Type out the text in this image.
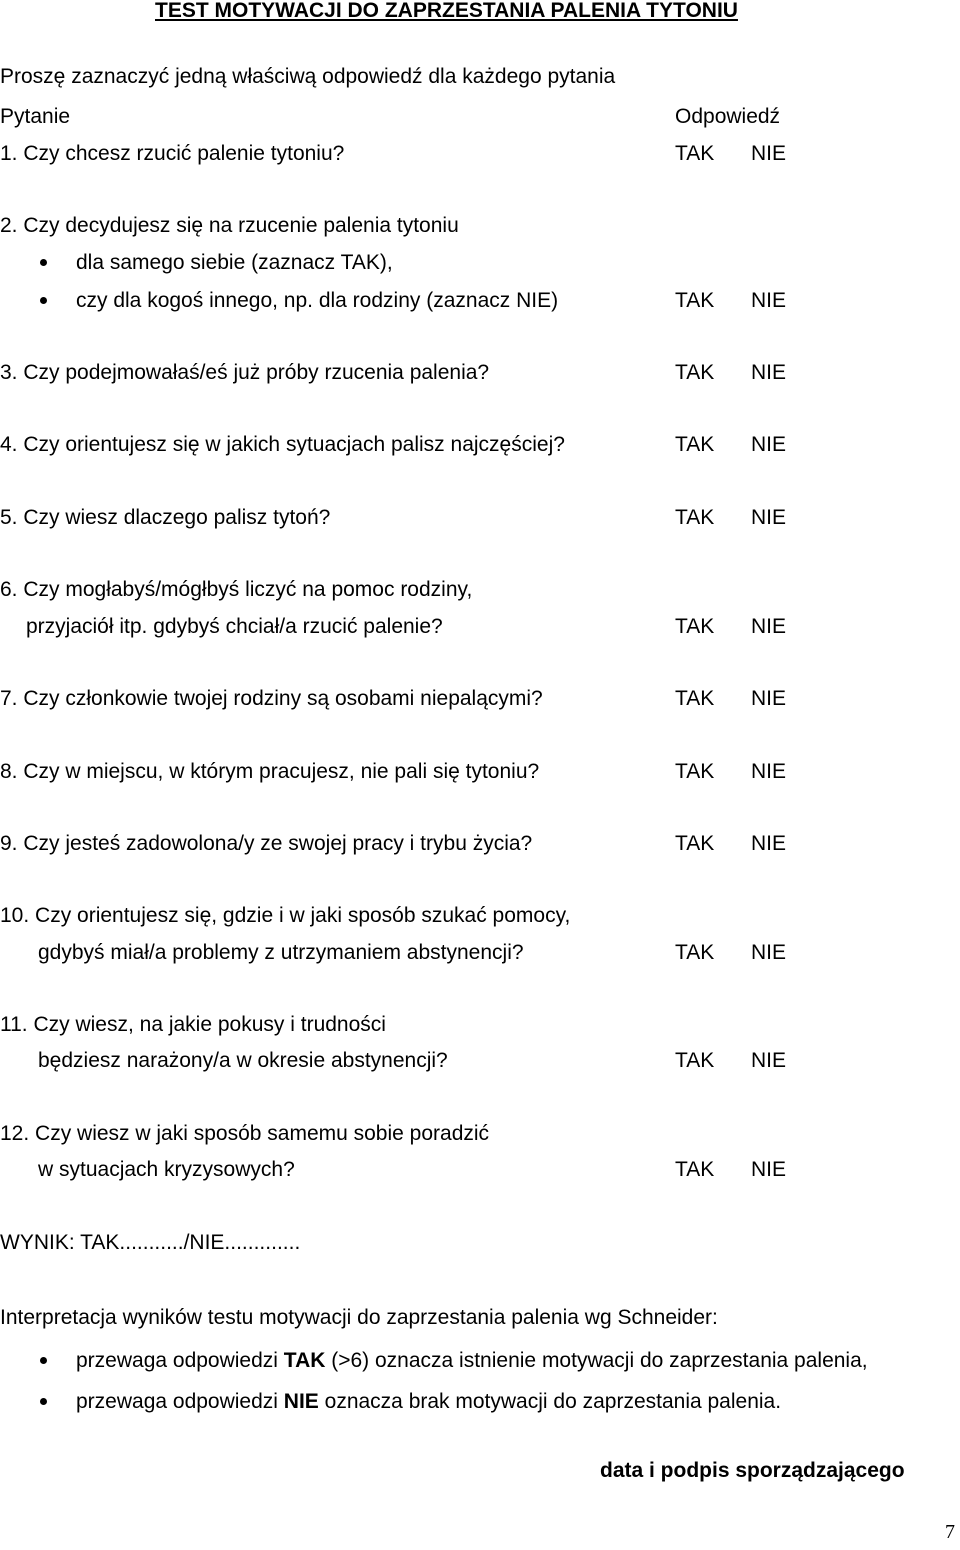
TEST MOTYWACJI DO ZAPRZESTANIA PALENIA TYTONIU
Proszę zaznaczyć jedną właściwą odpowiedź dla każdego pytania
Pytanie	Odpowiedź
1. Czy chcesz rzucić palenie tytoniu?	TAK NIE
2. Czy decydujesz się na rzucenie palenia tytoniu
dla samego siebie (zaznacz TAK),
czy dla kogoś innego, np. dla rodziny (zaznacz NIE)	TAK NIE
3. Czy podejmowałaś/eś już próby rzucenia palenia?	TAK NIE
4. Czy orientujesz się w jakich sytuacjach palisz najczęściej?	TAK NIE
5. Czy wiesz dlaczego palisz tytoń?	TAK NIE
6. Czy mogłabyś/mógłbyś liczyć na pomoc rodziny,
przyjaciół itp. gdybyś chciał/a rzucić palenie?	TAK NIE
7. Czy członkowie twojej rodziny są osobami niepalącymi?	TAK NIE
8. Czy w miejscu, w którym pracujesz, nie pali się tytoniu?	TAK NIE
9. Czy jesteś zadowolona/y ze swojej pracy i trybu życia?	TAK NIE
10. Czy orientujesz się, gdzie i w jaki sposób szukać pomocy,
gdybyś miał/a problemy z utrzymaniem abstynencji?	TAK NIE
11. Czy wiesz, na jakie pokusy i trudności
będziesz narażony/a w okresie abstynencji?	TAK NIE
12. Czy wiesz w jaki sposób samemu sobie poradzić
w sytuacjach kryzysowych?	TAK NIE
WYNIK: TAK.........../NIE.............
Interpretacja wyników testu motywacji do zaprzestania palenia wg Schneider:
przewaga odpowiedzi TAK (>6) oznacza istnienie motywacji do zaprzestania palenia,
przewaga odpowiedzi NIE oznacza brak motywacji do zaprzestania palenia.
data i podpis sporządzającego
7
